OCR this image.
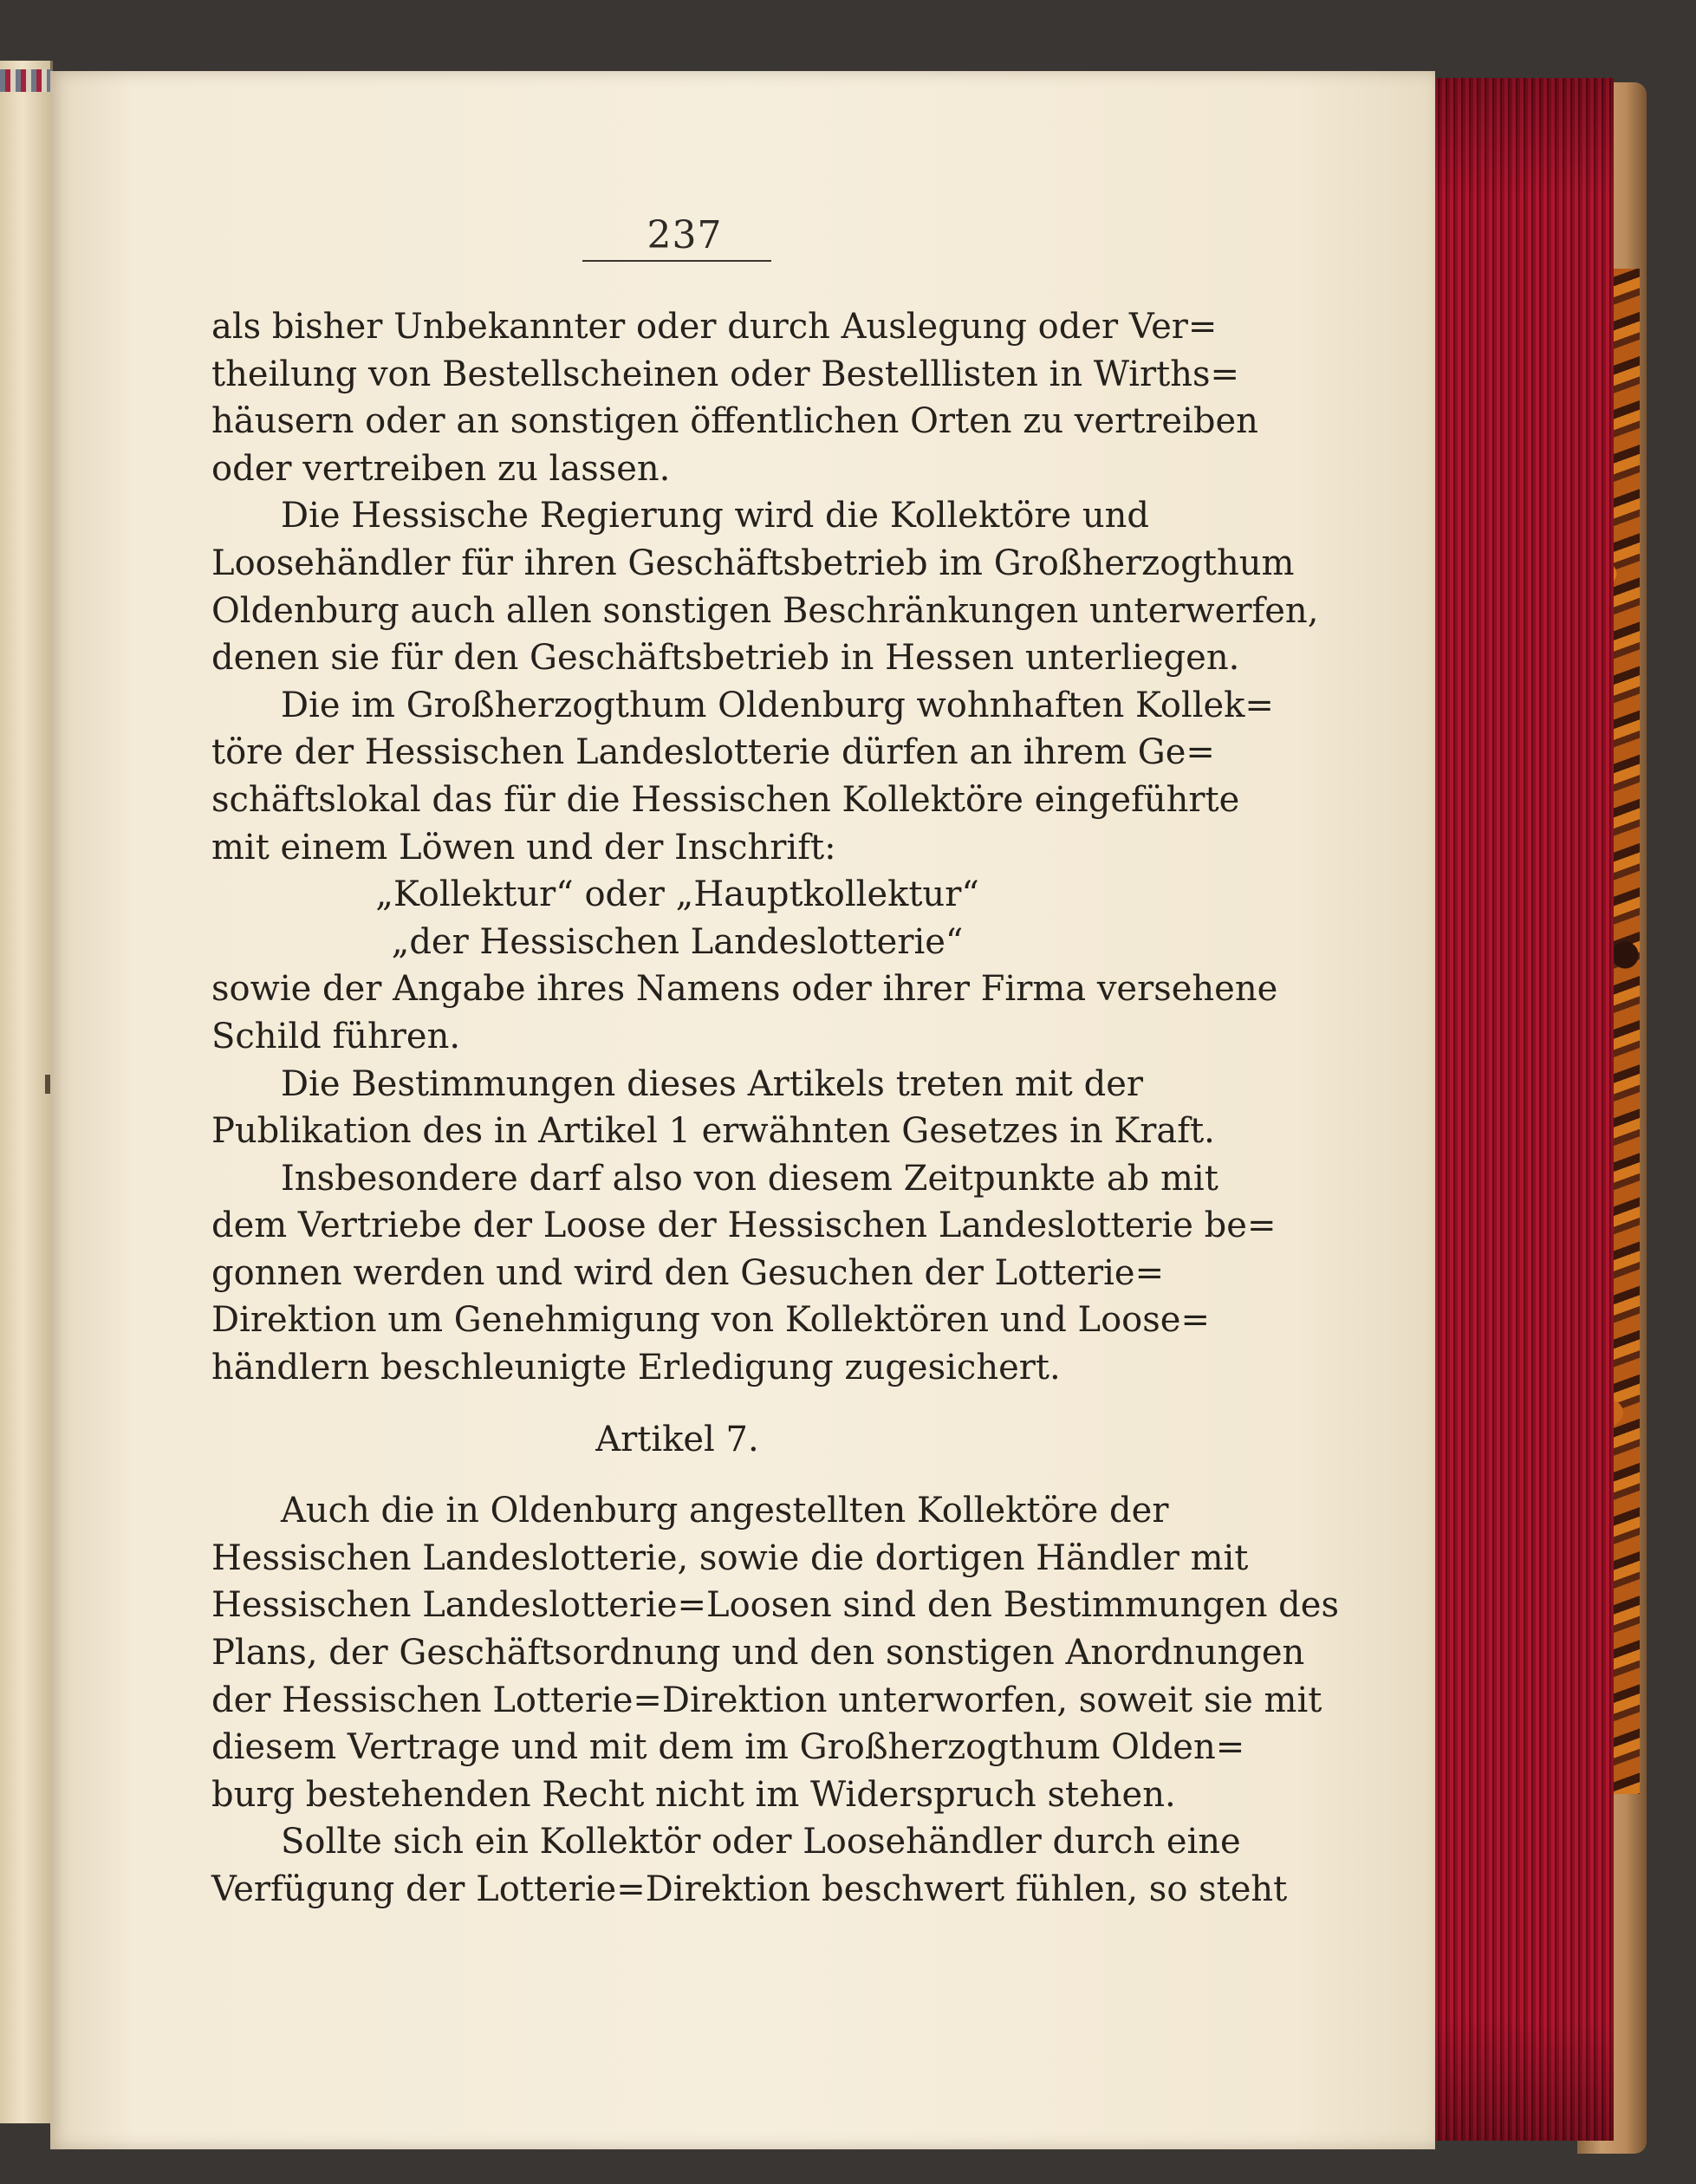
237
als bisher Unbekannter oder durch Auslegung oder Ver=
theilung von Bestellscheinen oder Bestelllisten in Wirths=
häusern oder an sonstigen öffentlichen Orten zu vertreiben
oder vertreiben zu lassen.
Die Hessische Regierung wird die Kollektöre und
Loosehändler für ihren Geschäftsbetrieb im Großherzogthum
Oldenburg auch allen sonstigen Beschränkungen unterwerfen,
denen sie für den Geschäftsbetrieb in Hessen unterliegen.
Die im Großherzogthum Oldenburg wohnhaften Kollek=
töre der Hessischen Landeslotterie dürfen an ihrem Ge=
schäftslokal das für die Hessischen Kollektöre eingeführte
mit einem Löwen und der Inschrift:
„Kollektur“ oder „Hauptkollektur“
„der Hessischen Landeslotterie“
sowie der Angabe ihres Namens oder ihrer Firma versehene
Schild führen.
Die Bestimmungen dieses Artikels treten mit der
Publikation des in Artikel 1 erwähnten Gesetzes in Kraft.
Insbesondere darf also von diesem Zeitpunkte ab mit
dem Vertriebe der Loose der Hessischen Landeslotterie be=
gonnen werden und wird den Gesuchen der Lotterie=
Direktion um Genehmigung von Kollektören und Loose=
händlern beschleunigte Erledigung zugesichert.
Artikel 7.
Auch die in Oldenburg angestellten Kollektöre der
Hessischen Landeslotterie, sowie die dortigen Händler mit
Hessischen Landeslotterie=Loosen sind den Bestimmungen des
Plans, der Geschäftsordnung und den sonstigen Anordnungen
der Hessischen Lotterie=Direktion unterworfen, soweit sie mit
diesem Vertrage und mit dem im Großherzogthum Olden=
burg bestehenden Recht nicht im Widerspruch stehen.
Sollte sich ein Kollektör oder Loosehändler durch eine
Verfügung der Lotterie=Direktion beschwert fühlen, so steht
